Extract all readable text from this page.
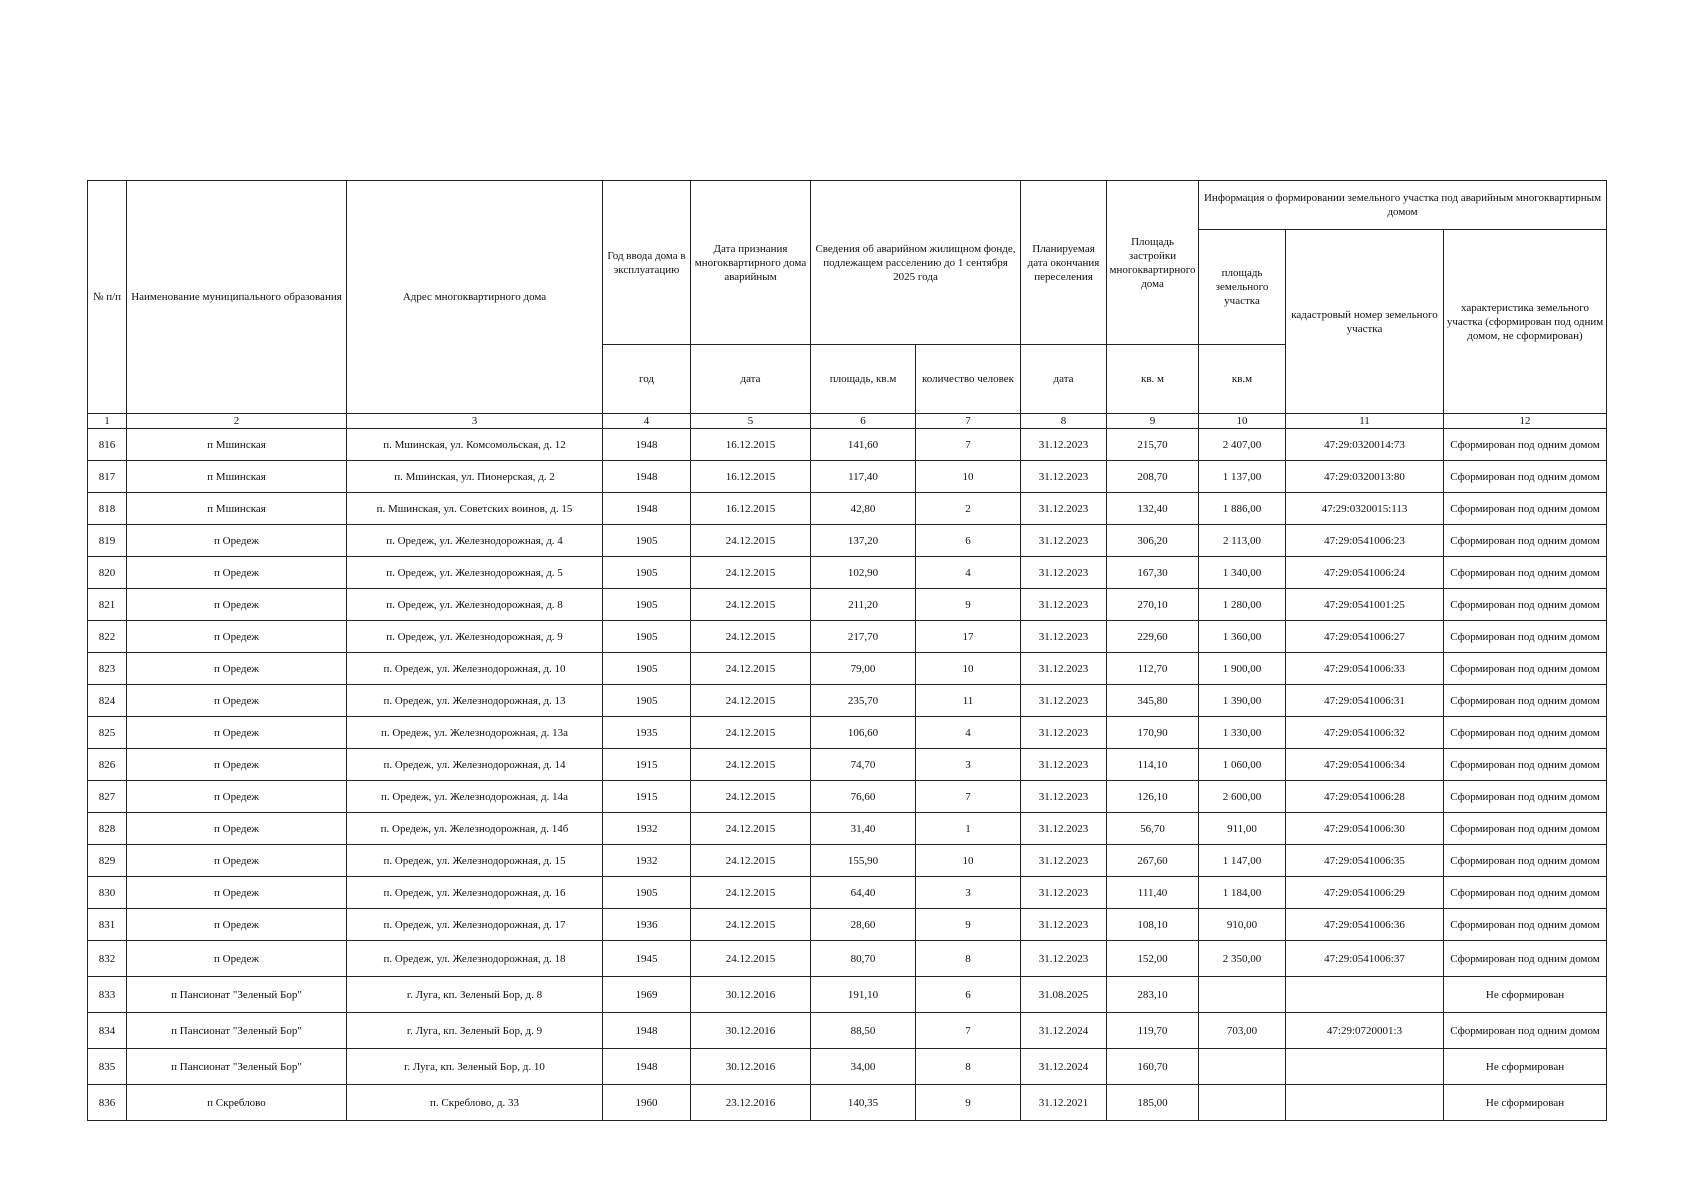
№ п/п	Наименование муниципального образования	Адрес многоквартирного дома	Год ввода дома в эксплуатацию	Дата признания многоквартирного дома аварийным	Сведения об аварийном жилищном фонде, подлежащем расселению до 1 сентября 2025 года		Планируемая дата окончания переселения	Площадь застройки многоквартирного дома	Информация о формировании земельного участка под аварийным многоквартирным домом		
									площадь земельного участка	кадастровый номер земельного участка	характеристика земельного участка (сформирован под одним домом, не сформирован)
			год	дата	площадь, кв.м	количество человек	дата	кв. м	кв.м		
1	2	3	4	5	6	7	8	9	10	11	12
816	п Мшинская	п. Мшинская, ул. Комсомольская, д. 12	1948	16.12.2015	141,60	7	31.12.2023	215,70	2 407,00	47:29:0320014:73	Сформирован под одним домом
817	п Мшинская	п. Мшинская, ул. Пионерская, д. 2	1948	16.12.2015	117,40	10	31.12.2023	208,70	1 137,00	47:29:0320013:80	Сформирован под одним домом
818	п Мшинская	п. Мшинская, ул. Советских воинов, д. 15	1948	16.12.2015	42,80	2	31.12.2023	132,40	1 886,00	47:29:0320015:113	Сформирован под одним домом
819	п Оредеж	п. Оредеж, ул. Железнодорожная, д. 4	1905	24.12.2015	137,20	6	31.12.2023	306,20	2 113,00	47:29:0541006:23	Сформирован под одним домом
820	п Оредеж	п. Оредеж, ул. Железнодорожная, д. 5	1905	24.12.2015	102,90	4	31.12.2023	167,30	1 340,00	47:29:0541006:24	Сформирован под одним домом
821	п Оредеж	п. Оредеж, ул. Железнодорожная, д. 8	1905	24.12.2015	211,20	9	31.12.2023	270,10	1 280,00	47:29:0541001:25	Сформирован под одним домом
822	п Оредеж	п. Оредеж, ул. Железнодорожная, д. 9	1905	24.12.2015	217,70	17	31.12.2023	229,60	1 360,00	47:29:0541006:27	Сформирован под одним домом
823	п Оредеж	п. Оредеж, ул. Железнодорожная, д. 10	1905	24.12.2015	79,00	10	31.12.2023	112,70	1 900,00	47:29:0541006:33	Сформирован под одним домом
824	п Оредеж	п. Оредеж, ул. Железнодорожная, д. 13	1905	24.12.2015	235,70	11	31.12.2023	345,80	1 390,00	47:29:0541006:31	Сформирован под одним домом
825	п Оредеж	п. Оредеж, ул. Железнодорожная, д. 13а	1935	24.12.2015	106,60	4	31.12.2023	170,90	1 330,00	47:29:0541006:32	Сформирован под одним домом
826	п Оредеж	п. Оредеж, ул. Железнодорожная, д. 14	1915	24.12.2015	74,70	3	31.12.2023	114,10	1 060,00	47:29:0541006:34	Сформирован под одним домом
827	п Оредеж	п. Оредеж, ул. Железнодорожная, д. 14а	1915	24.12.2015	76,60	7	31.12.2023	126,10	2 600,00	47:29:0541006:28	Сформирован под одним домом
828	п Оредеж	п. Оредеж, ул. Железнодорожная, д. 14б	1932	24.12.2015	31,40	1	31.12.2023	56,70	911,00	47:29:0541006:30	Сформирован под одним домом
829	п Оредеж	п. Оредеж, ул. Железнодорожная, д. 15	1932	24.12.2015	155,90	10	31.12.2023	267,60	1 147,00	47:29:0541006:35	Сформирован под одним домом
830	п Оредеж	п. Оредеж, ул. Железнодорожная, д. 16	1905	24.12.2015	64,40	3	31.12.2023	111,40	1 184,00	47:29:0541006:29	Сформирован под одним домом
831	п Оредеж	п. Оредеж, ул. Железнодорожная, д. 17	1936	24.12.2015	28,60	9	31.12.2023	108,10	910,00	47:29:0541006:36	Сформирован под одним домом
832	п Оредеж	п. Оредеж, ул. Железнодорожная, д. 18	1945	24.12.2015	80,70	8	31.12.2023	152,00	2 350,00	47:29:0541006:37	Сформирован под одним домом
833	п Пансионат "Зеленый Бор"	г. Луга, кп. Зеленый Бор, д. 8	1969	30.12.2016	191,10	6	31.08.2025	283,10			Не сформирован
834	п Пансионат "Зеленый Бор"	г. Луга, кп. Зеленый Бор, д. 9	1948	30.12.2016	88,50	7	31.12.2024	119,70	703,00	47:29:0720001:3	Сформирован под одним домом
835	п Пансионат "Зеленый Бор"	г. Луга, кп. Зеленый Бор, д. 10	1948	30.12.2016	34,00	8	31.12.2024	160,70			Не сформирован
836	п Скреблово	п. Скреблово, д. 33	1960	23.12.2016	140,35	9	31.12.2021	185,00			Не сформирован
